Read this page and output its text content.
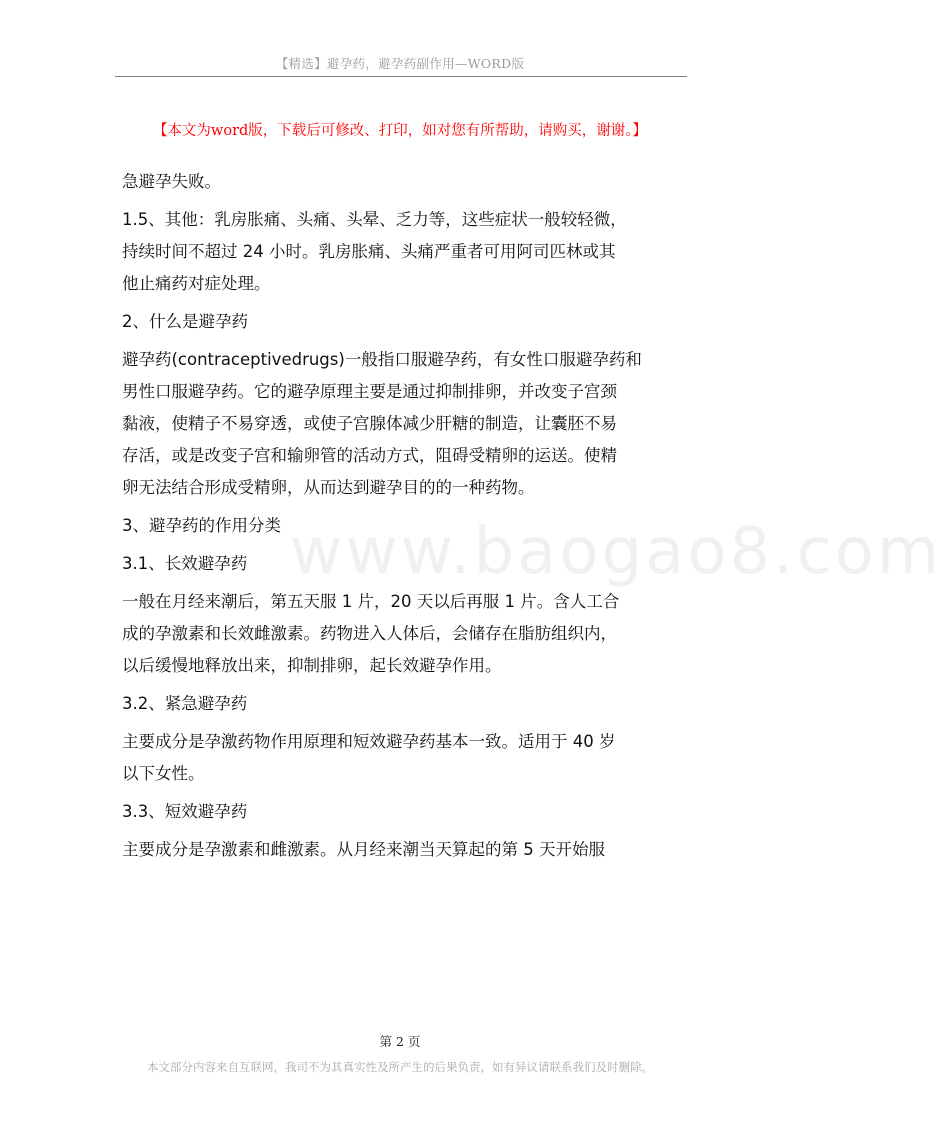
【精选】避孕药，避孕药副作用—WORD版
【本文为word版，下载后可修改、打印，如对您有所帮助，请购买，谢谢。】
www.baogao8.com

急避孕失败。

1.5、其他：乳房胀痛、头痛、头晕、乏力等，这些症状一般较轻微，

持续时间不超过 24 小时。乳房胀痛、头痛严重者可用阿司匹林或其

他止痛药对症处理。

2、什么是避孕药

避孕药(contraceptivedrugs)一般指口服避孕药，有女性口服避孕药和

男性口服避孕药。它的避孕原理主要是通过抑制排卵，并改变子宫颈

黏液，使精子不易穿透，或使子宫腺体减少肝糖的制造，让囊胚不易

存活，或是改变子宫和输卵管的活动方式，阻碍受精卵的运送。使精

卵无法结合形成受精卵，从而达到避孕目的的一种药物。

3、避孕药的作用分类

3.1、长效避孕药

一般在月经来潮后，第五天服 1 片，20 天以后再服 1 片。含人工合

成的孕激素和长效雌激素。药物进入人体后，会储存在脂肪组织内，

以后缓慢地释放出来，抑制排卵，起长效避孕作用。

3.2、紧急避孕药

主要成分是孕激药物作用原理和短效避孕药基本一致。适用于 40 岁

以下女性。

3.3、短效避孕药

主要成分是孕激素和雌激素。从月经来潮当天算起的第 5 天开始服

第 2 页
本文部分内容来自互联网，我司不为其真实性及所产生的后果负责，如有异议请联系我们及时删除。
